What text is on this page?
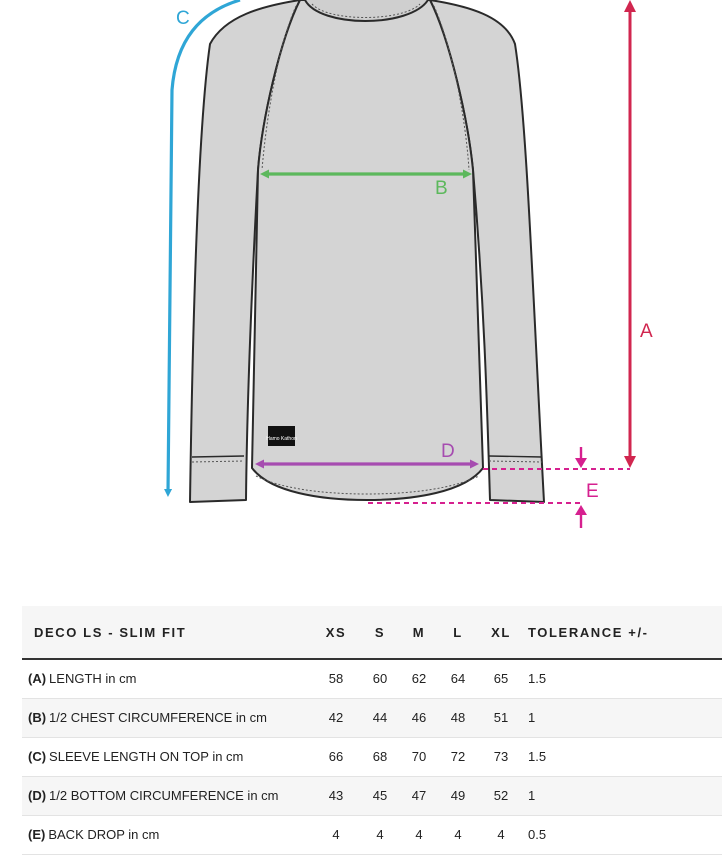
Hamo Kathon
C
B
D
A
E
DECO LS - SLIM FIT	XS	S	M	L	XL	TOLERANCE +/-
(A) LENGTH in cm	58	60	62	64	65	1.5
(B) 1/2 CHEST CIRCUMFERENCE in cm	42	44	46	48	51	1
(C) SLEEVE LENGTH ON TOP in cm	66	68	70	72	73	1.5
(D) 1/2 BOTTOM CIRCUMFERENCE in cm	43	45	47	49	52	1
(E) BACK DROP in cm	4	4	4	4	4	0.5
